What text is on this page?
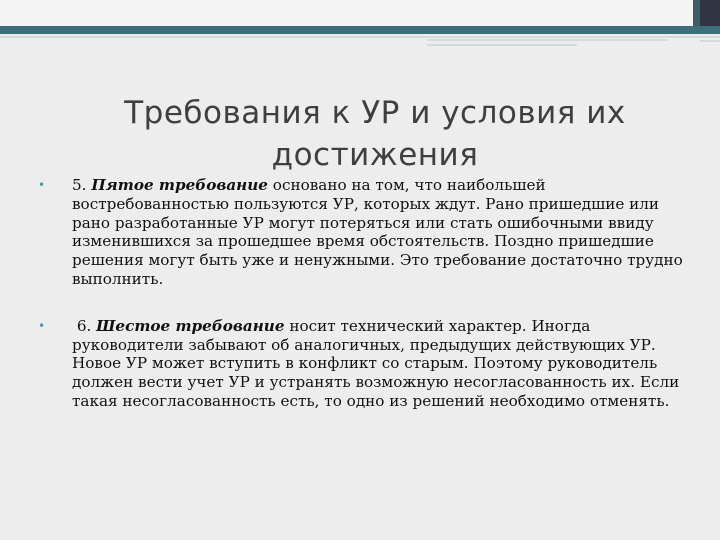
Требования к УР и условия их достижения
• 5. Пятое требование основано на том, что наибольшей востребованностью пользуются УР, которых ждут. Рано пришедшие или рано разработанные УР могут потеряться или стать ошибочными ввиду изменившихся за прошедшее время обстоятельств. Поздно пришедшие решения могут быть уже и ненужными. Это требование достаточно трудно выполнить.
• 6. Шестое требование носит технический характер. Иногда руководители забывают об аналогичных, предыдущих действующих УР. Новое УР может вступить в конфликт со старым. Поэтому руководитель должен вести учет УР и устранять возможную несогласованность их. Если такая несогласованность есть, то одно из решений необходимо отменять.
